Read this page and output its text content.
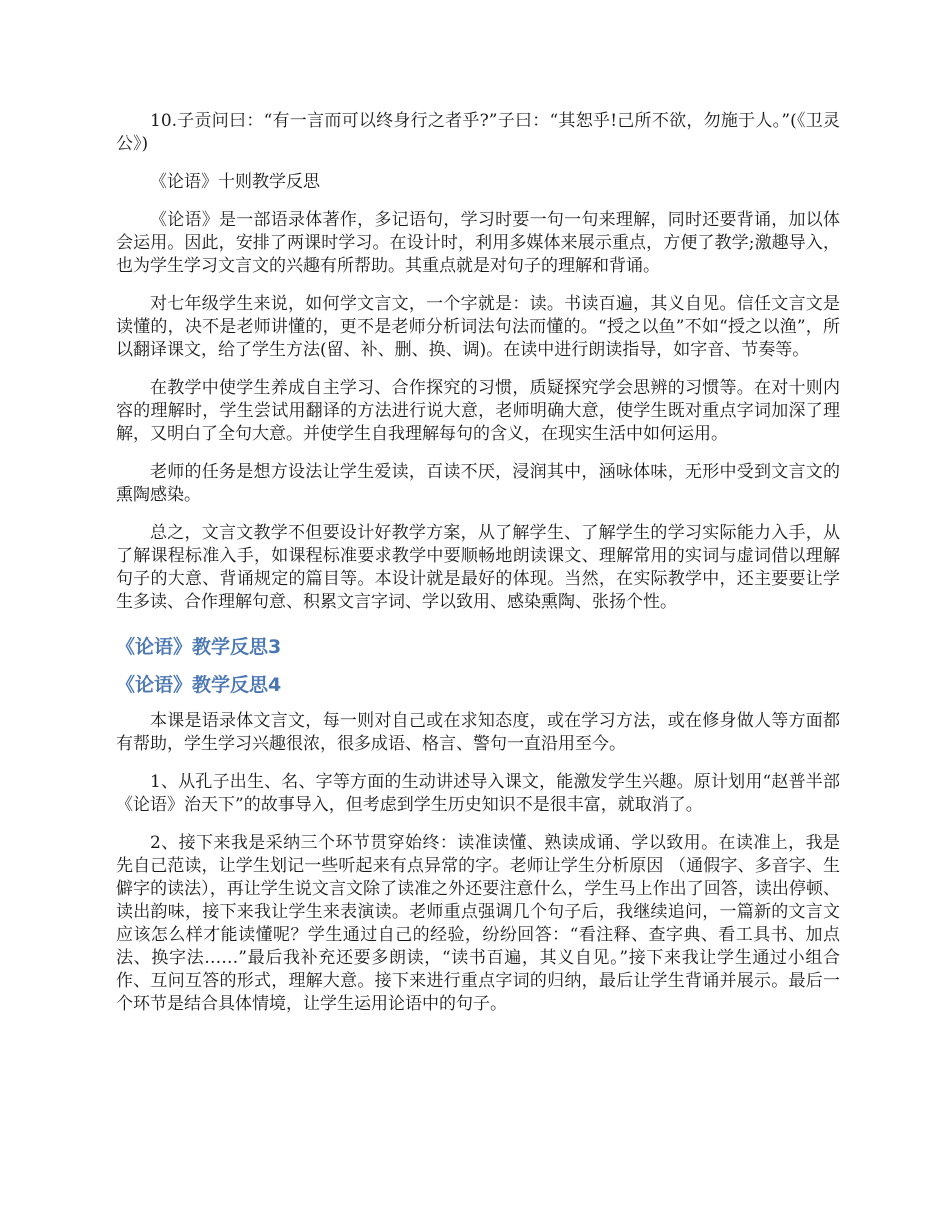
10.子贡问曰：“有一言而可以终身行之者乎?”子曰：“其恕乎!己所不欲，勿施于人。”(《卫灵公》)

《论语》十则教学反思

《论语》是一部语录体著作，多记语句，学习时要一句一句来理解，同时还要背诵，加以体会运用。因此，安排了两课时学习。在设计时，利用多媒体来展示重点，方便了教学;激趣导入，也为学生学习文言文的兴趣有所帮助。其重点就是对句子的理解和背诵。

对七年级学生来说，如何学文言文，一个字就是：读。书读百遍，其义自见。信任文言文是读懂的，决不是老师讲懂的，更不是老师分析词法句法而懂的。“授之以鱼”不如“授之以渔”，所以翻译课文，给了学生方法(留、补、删、换、调)。在读中进行朗读指导，如字音、节奏等。

在教学中使学生养成自主学习、合作探究的习惯，质疑探究学会思辨的习惯等。在对十则内容的理解时，学生尝试用翻译的方法进行说大意，老师明确大意，使学生既对重点字词加深了理解，又明白了全句大意。并使学生自我理解每句的含义，在现实生活中如何运用。

老师的任务是想方设法让学生爱读，百读不厌，浸润其中，涵咏体味，无形中受到文言文的熏陶感染。

总之，文言文教学不但要设计好教学方案，从了解学生、了解学生的学习实际能力入手，从了解课程标准入手，如课程标准要求教学中要顺畅地朗读课文、理解常用的实词与虚词借以理解句子的大意、背诵规定的篇目等。本设计就是最好的体现。当然，在实际教学中，还主要要让学生多读、合作理解句意、积累文言字词、学以致用、感染熏陶、张扬个性。

《论语》教学反思3
《论语》教学反思4

本课是语录体文言文，每一则对自己或在求知态度，或在学习方法，或在修身做人等方面都有帮助，学生学习兴趣很浓，很多成语、格言、警句一直沿用至今。

1、从孔子出生、名、字等方面的生动讲述导入课文，能激发学生兴趣。原计划用“赵普半部《论语》治天下”的故事导入，但考虑到学生历史知识不是很丰富，就取消了。

2、接下来我是采纳三个环节贯穿始终：读准读懂、熟读成诵、学以致用。在读准上，我是先自己范读，让学生划记一些听起来有点异常的字。老师让学生分析原因 （通假字、多音字、生僻字的读法），再让学生说文言文除了读准之外还要注意什么，学生马上作出了回答，读出停顿、读出韵味，接下来我让学生来表演读。老师重点强调几个句子后，我继续追问，一篇新的文言文应该怎么样才能读懂呢？学生通过自己的经验，纷纷回答：“看注释、查字典、看工具书、加点法、换字法……”最后我补充还要多朗读，“读书百遍，其义自见。”接下来我让学生通过小组合作、互问互答的形式，理解大意。接下来进行重点字词的归纳，最后让学生背诵并展示。最后一个环节是结合具体情境，让学生运用论语中的句子。
